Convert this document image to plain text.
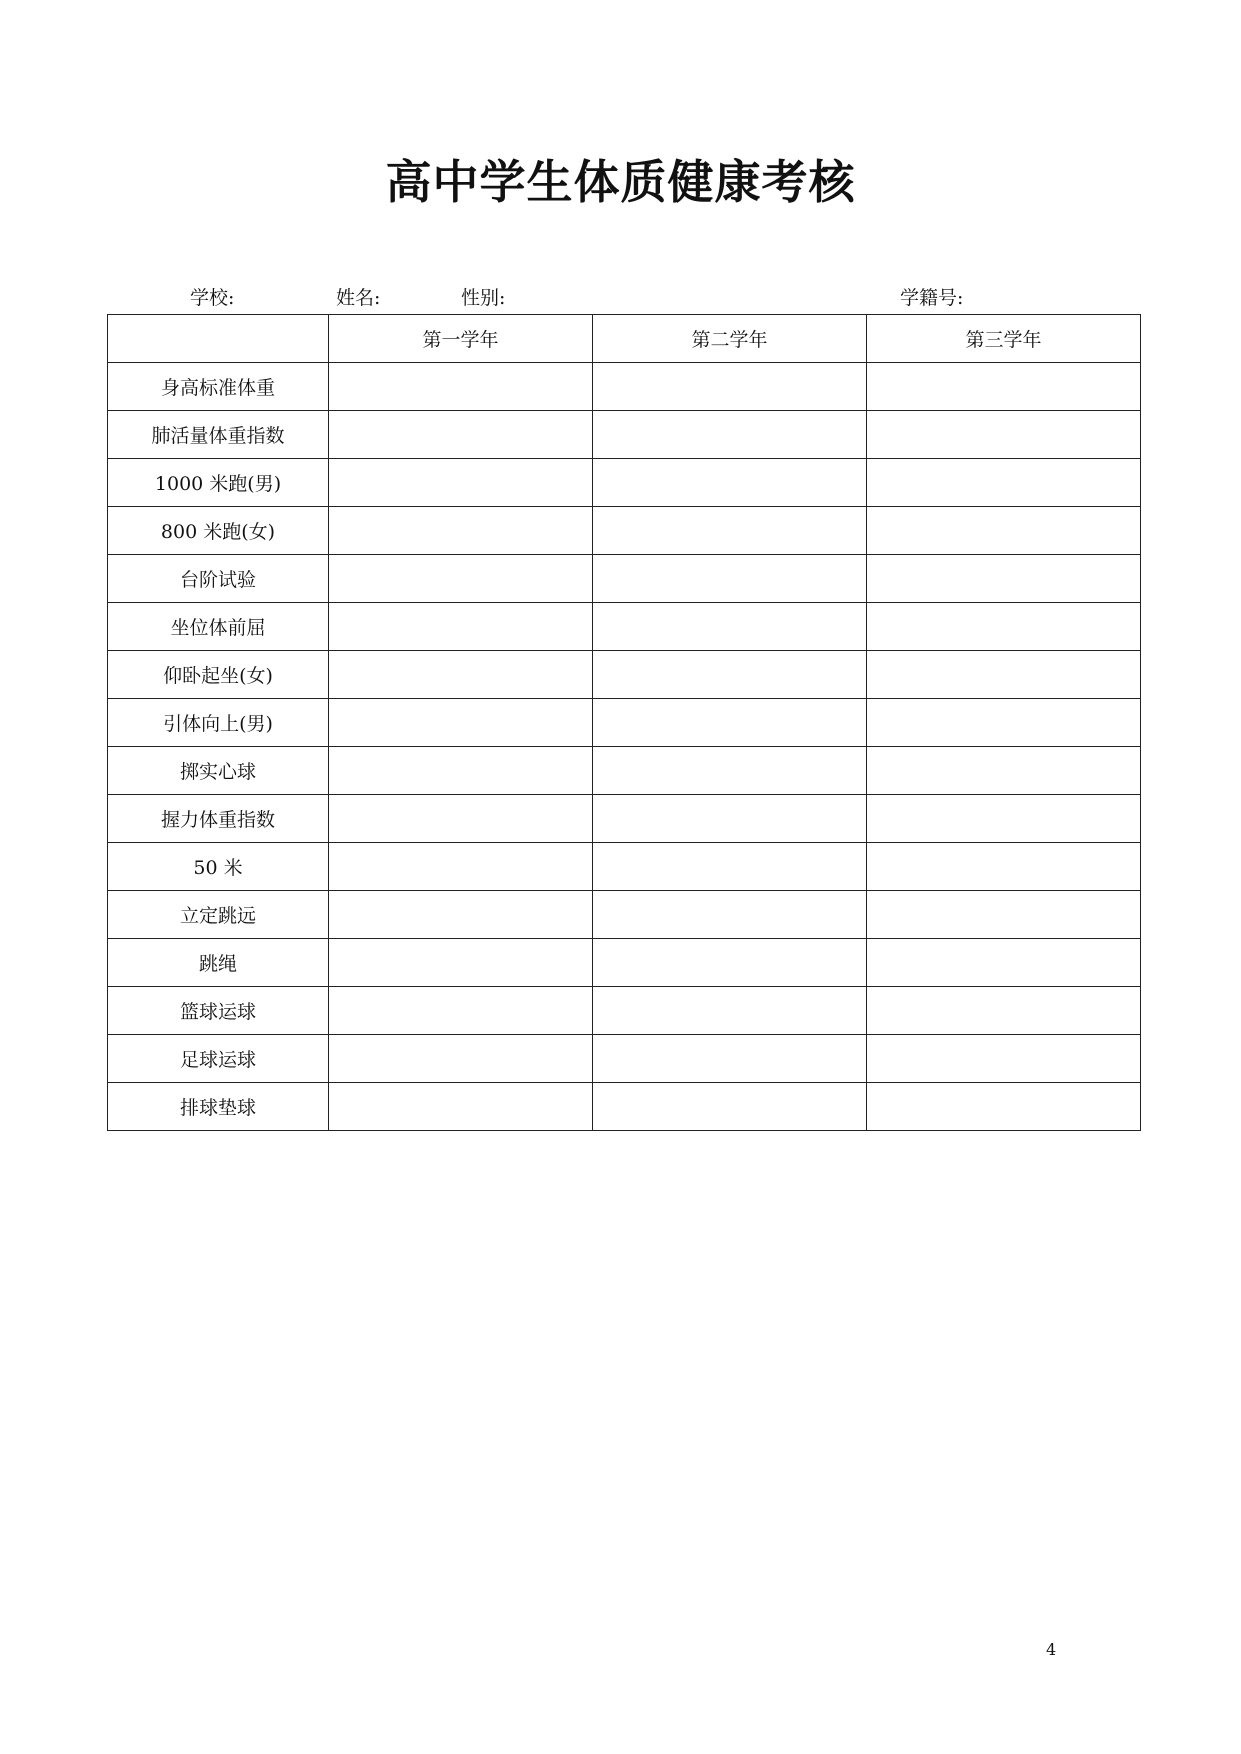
高中学生体质健康考核
学校:	姓名:	性别:	学籍号:
	第一学年	第二学年	第三学年
身高标准体重			
肺活量体重指数			
1000 米跑(男)			
800 米跑(女)			
台阶试验			
坐位体前屈			
仰卧起坐(女)			
引体向上(男)			
掷实心球			
握力体重指数			
50 米			
立定跳远			
跳绳			
篮球运球			
足球运球			
排球垫球			
4
